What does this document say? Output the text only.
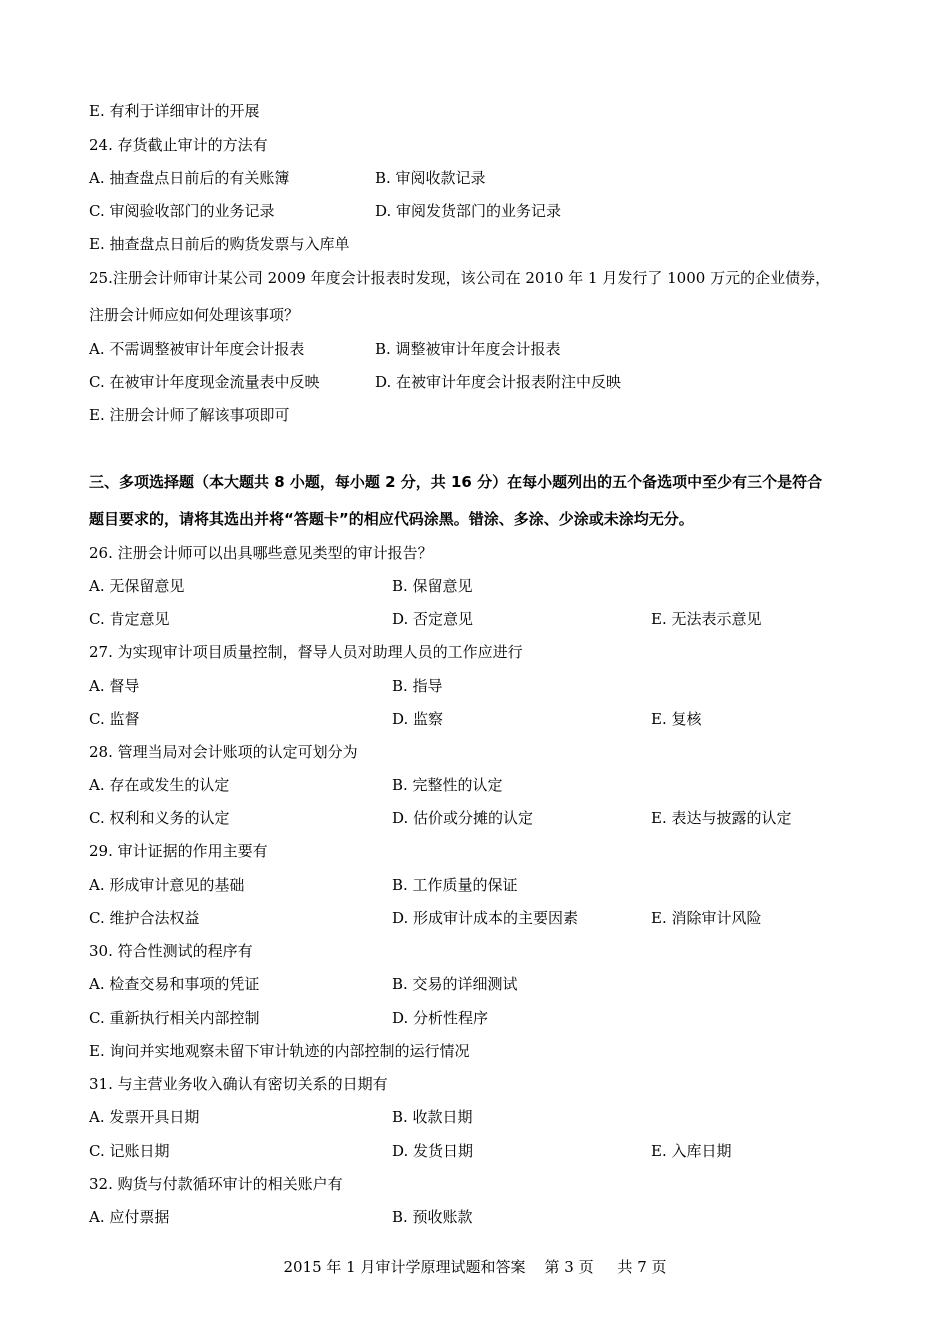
E. 有利于详细审计的开展
24. 存货截止审计的方法有
A. 抽查盘点日前后的有关账簿	B. 审阅收款记录
C. 审阅验收部门的业务记录	D. 审阅发货部门的业务记录
E. 抽查盘点日前后的购货发票与入库单
25.注册会计师审计某公司 2009 年度会计报表时发现，该公司在 2010 年 1 月发行了 1000 万元的企业债券，
注册会计师应如何处理该事项？
A. 不需调整被审计年度会计报表	B. 调整被审计年度会计报表
C. 在被审计年度现金流量表中反映	D. 在被审计年度会计报表附注中反映
E. 注册会计师了解该事项即可
三、多项选择题（本大题共 8 小题，每小题 2 分，共 16 分）在每小题列出的五个备选项中至少有三个是符合
题目要求的，请将其选出并将“答题卡”的相应代码涂黑。错涂、多涂、少涂或未涂均无分。
26. 注册会计师可以出具哪些意见类型的审计报告？
A. 无保留意见	B. 保留意见
C. 肯定意见	D. 否定意见	E. 无法表示意见
27. 为实现审计项目质量控制，督导人员对助理人员的工作应进行
A. 督导	B. 指导
C. 监督	D. 监察	E. 复核
28. 管理当局对会计账项的认定可划分为
A. 存在或发生的认定	B. 完整性的认定
C. 权利和义务的认定	D. 估价或分摊的认定	E. 表达与披露的认定
29. 审计证据的作用主要有
A. 形成审计意见的基础	B. 工作质量的保证
C. 维护合法权益	D. 形成审计成本的主要因素	E. 消除审计风险
30. 符合性测试的程序有
A. 检查交易和事项的凭证	B. 交易的详细测试
C. 重新执行相关内部控制	D. 分析性程序
E. 询问并实地观察未留下审计轨迹的内部控制的运行情况
31. 与主营业务收入确认有密切关系的日期有
A. 发票开具日期	B. 收款日期
C. 记账日期	D. 发货日期	E. 入库日期
32. 购货与付款循环审计的相关账户有
A. 应付票据	B. 预收账款
2015 年 1 月审计学原理试题和答案    第 3 页     共 7 页
